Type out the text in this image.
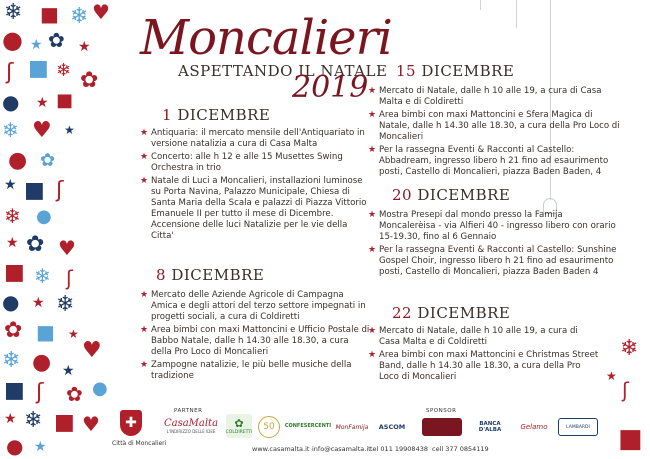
❄ ■ ❄ ♥
● ★ ✿ ★
ʃ ■ ❄ ✿
● ★ ■
❄ ♥ ★
● ✿
★ ■ ʃ
❄ ●
★ ✿ ♥
■ ❄ ʃ
● ★ ❄
✿ ■ ★
♥
❄ ● ★
■ ʃ ✿ ●
★ ❄ ■ ♥
● ★
❄
★
ʃ
■
Moncalieri
ASPETTANDO IL NATALE
2019
1 DICEMBRE
★ Antiquaria: il mercato mensile dell'Antiquariato in versione natalizia a cura di Casa Malta
★ Concerto: alle h 12 e alle 15 Musettes Swing Orchestra in trio
★ Natale di Luci a Moncalieri, installazioni luminose su Porta Navina, Palazzo Municipale, Chiesa di Santa Maria della Scala e palazzi di Piazza Vittorio Emanuele II per tutto il mese di Dicembre. Accensione delle luci Natalizie per le vie della Citta'
8 DICEMBRE
★ Mercato delle Aziende Agricole di Campagna Amica e degli attori del terzo settore impegnati in progetti sociali, a cura di Coldiretti
★ Area bimbi con maxi Mattoncini e Ufficio Postale di Babbo Natale, dalle h 14.30 alle 18.30, a cura della Pro Loco di Moncalieri
★ Zampogne natalizie, le più belle musiche della tradizione
15 DICEMBRE
★ Mercato di Natale, dalle h 10 alle 19, a cura di Casa Malta e di Coldiretti
★ Area bimbi con maxi Mattoncini e Sfera Magica di Natale, dalle h 14.30 alle 18.30, a cura della Pro Loco di Moncalieri
★ Per la rassegna Eventi & Racconti al Castello: Abbadream, ingresso libero h 21 fino ad esaurimento posti, Castello di Moncalieri, piazza Baden Baden, 4
20 DICEMBRE
★ Mostra Presepi dal mondo presso la Famija Moncalerèisa - via Alfieri 40 - ingresso libero con orario 15-19.30, fino al 6 Gennaio
★ Per la rassegna Eventi & Racconti al Castello: Sunshine Gospel Choir, ingresso libero h 21 fino ad esaurimento posti, Castello di Moncalieri, piazza Baden Baden 4
22 DICEMBRE
★ Mercato di Natale, dalle h 10 alle 19, a cura di Casa Malta e di Coldiretti
★ Area bimbi con maxi Mattoncini e Christmas Street Band, dalle h 14.30 alle 18.30, a cura della Pro Loco di Moncalieri
PARTNER	SPONSOR
✚
Città di Moncalieri
CasaMalta
L'INDIRIZZO DELLE IDEE
✿
COLDIRETTI
50	CONFESERCENTI MonFamija	ASCOM	BANCA D'ALBA	Gelamo	LAMBARDI
www.casamalta.it info@casamalta.it tel 011 19908438 cell 377 0854119
